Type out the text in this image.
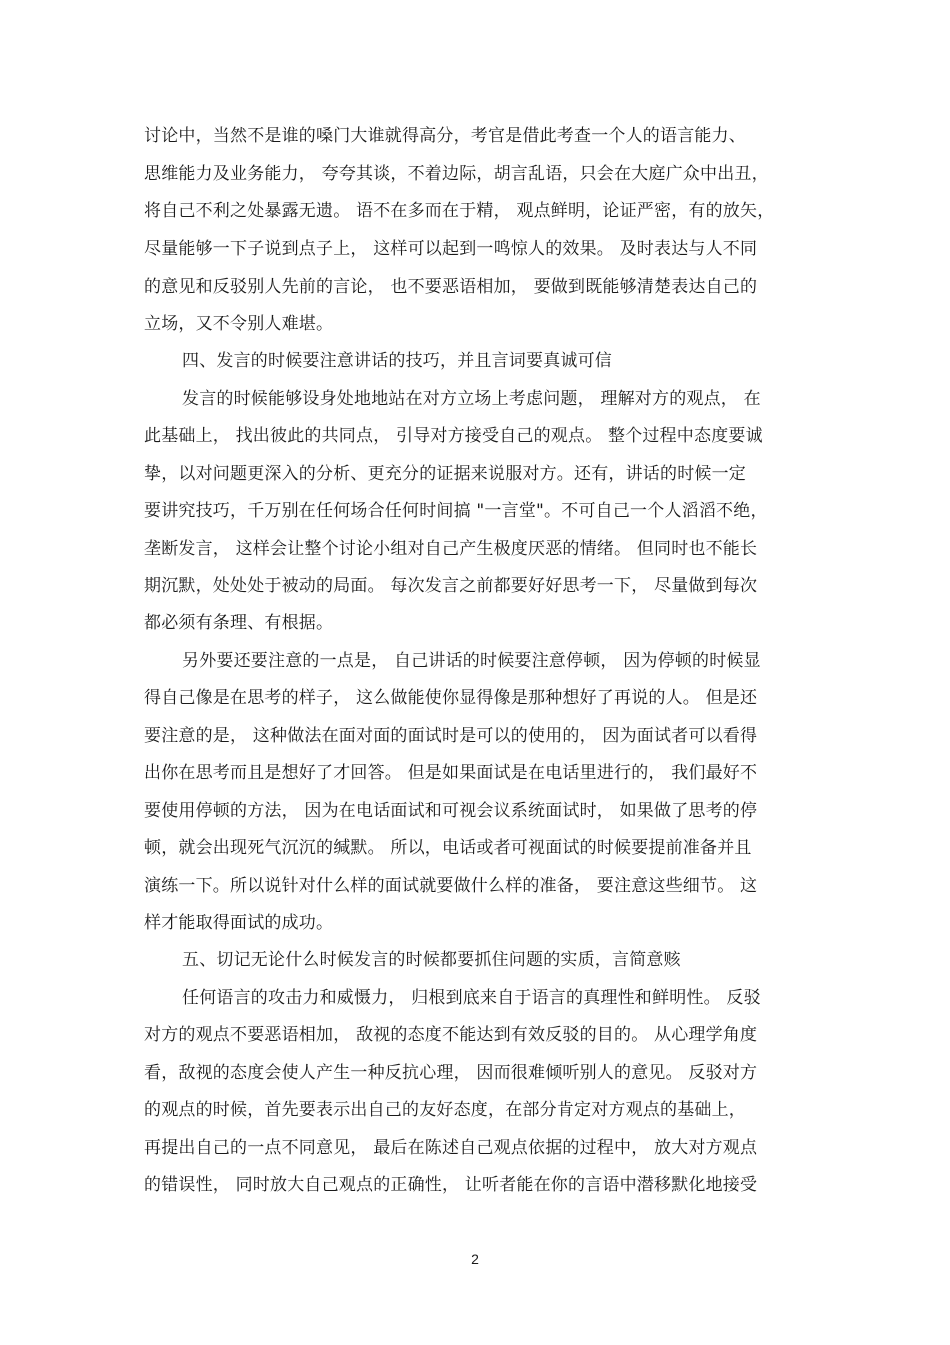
讨论中，当然不是谁的嗓门大谁就得高分，考官是借此考查一个人的语言能力、
思维能力及业务能力， 夸夸其谈，不着边际，胡言乱语，只会在大庭广众中出丑，
将自己不利之处暴露无遗。 语不在多而在于精， 观点鲜明，论证严密，有的放矢，
尽量能够一下子说到点子上， 这样可以起到一鸣惊人的效果。 及时表达与人不同
的意见和反驳别人先前的言论， 也不要恶语相加， 要做到既能够清楚表达自己的
立场，又不令别人难堪。
四、发言的时候要注意讲话的技巧，并且言词要真诚可信
发言的时候能够设身处地地站在对方立场上考虑问题， 理解对方的观点， 在
此基础上， 找出彼此的共同点， 引导对方接受自己的观点。 整个过程中态度要诚
挚，以对问题更深入的分析、更充分的证据来说服对方。还有，讲话的时候一定
要讲究技巧，千万别在任何场合任何时间搞 "一言堂"。不可自己一个人滔滔不绝，
垄断发言， 这样会让整个讨论小组对自己产生极度厌恶的情绪。 但同时也不能长
期沉默，处处处于被动的局面。 每次发言之前都要好好思考一下， 尽量做到每次
都必须有条理、有根据。
另外要还要注意的一点是， 自己讲话的时候要注意停顿， 因为停顿的时候显
得自己像是在思考的样子， 这么做能使你显得像是那种想好了再说的人。 但是还
要注意的是， 这种做法在面对面的面试时是可以的使用的， 因为面试者可以看得
出你在思考而且是想好了才回答。 但是如果面试是在电话里进行的， 我们最好不
要使用停顿的方法， 因为在电话面试和可视会议系统面试时， 如果做了思考的停
顿，就会出现死气沉沉的缄默。 所以，电话或者可视面试的时候要提前准备并且
演练一下。所以说针对什么样的面试就要做什么样的准备， 要注意这些细节。 这
样才能取得面试的成功。
五、切记无论什么时候发言的时候都要抓住问题的实质，言简意赅
任何语言的攻击力和威慑力， 归根到底来自于语言的真理性和鲜明性。 反驳
对方的观点不要恶语相加， 敌视的态度不能达到有效反驳的目的。 从心理学角度
看，敌视的态度会使人产生一种反抗心理， 因而很难倾听别人的意见。 反驳对方
的观点的时候，首先要表示出自己的友好态度，在部分肯定对方观点的基础上，
再提出自己的一点不同意见， 最后在陈述自己观点依据的过程中， 放大对方观点
的错误性， 同时放大自己观点的正确性， 让听者能在你的言语中潜移默化地接受
2
